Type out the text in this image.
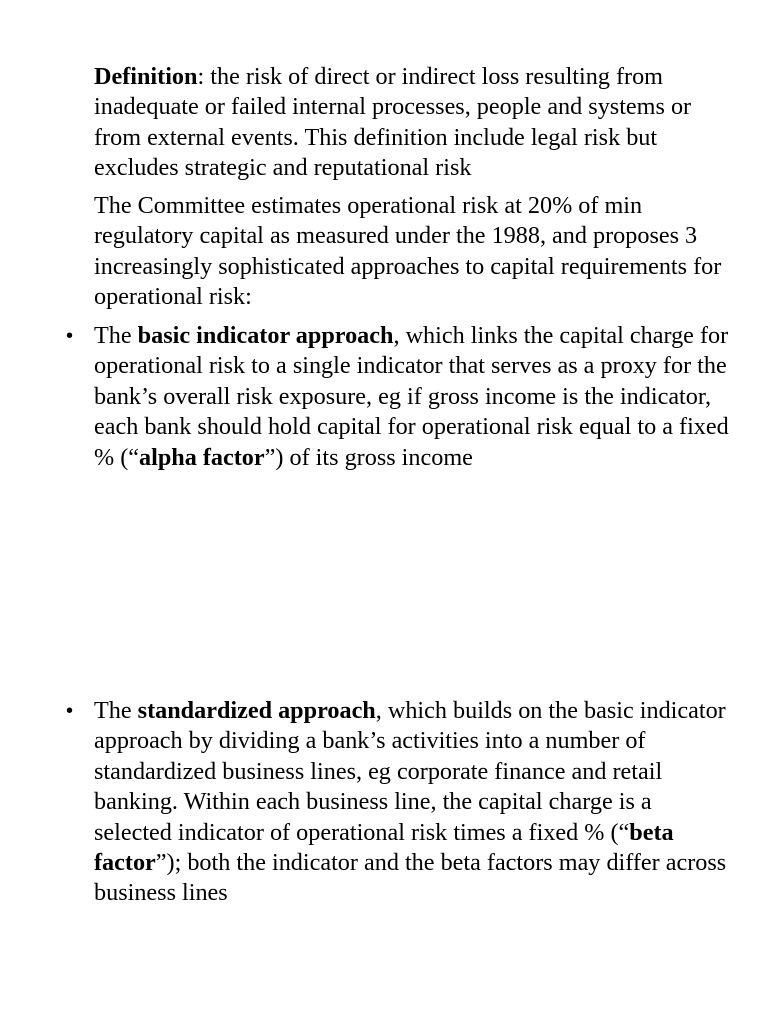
Definition: the risk of direct or indirect loss resulting from inadequate or failed internal processes, people and systems or from external events. This definition include legal risk but excludes strategic and reputational risk

The Committee estimates operational risk at 20% of min regulatory capital as measured under the 1988, and proposes 3 increasingly sophisticated approaches to capital requirements for operational risk:

• The basic indicator approach, which links the capital charge for operational risk to a single indicator that serves as a proxy for the bank’s overall risk exposure, eg if gross income is the indicator, each bank should hold capital for operational risk equal to a fixed % (“alpha factor”) of its gross income
• The standardized approach, which builds on the basic indicator approach by dividing a bank’s activities into a number of standardized business lines, eg corporate finance and retail banking. Within each business line, the capital charge is a selected indicator of operational risk times a fixed % (“beta factor”); both the indicator and the beta factors may differ across business lines
